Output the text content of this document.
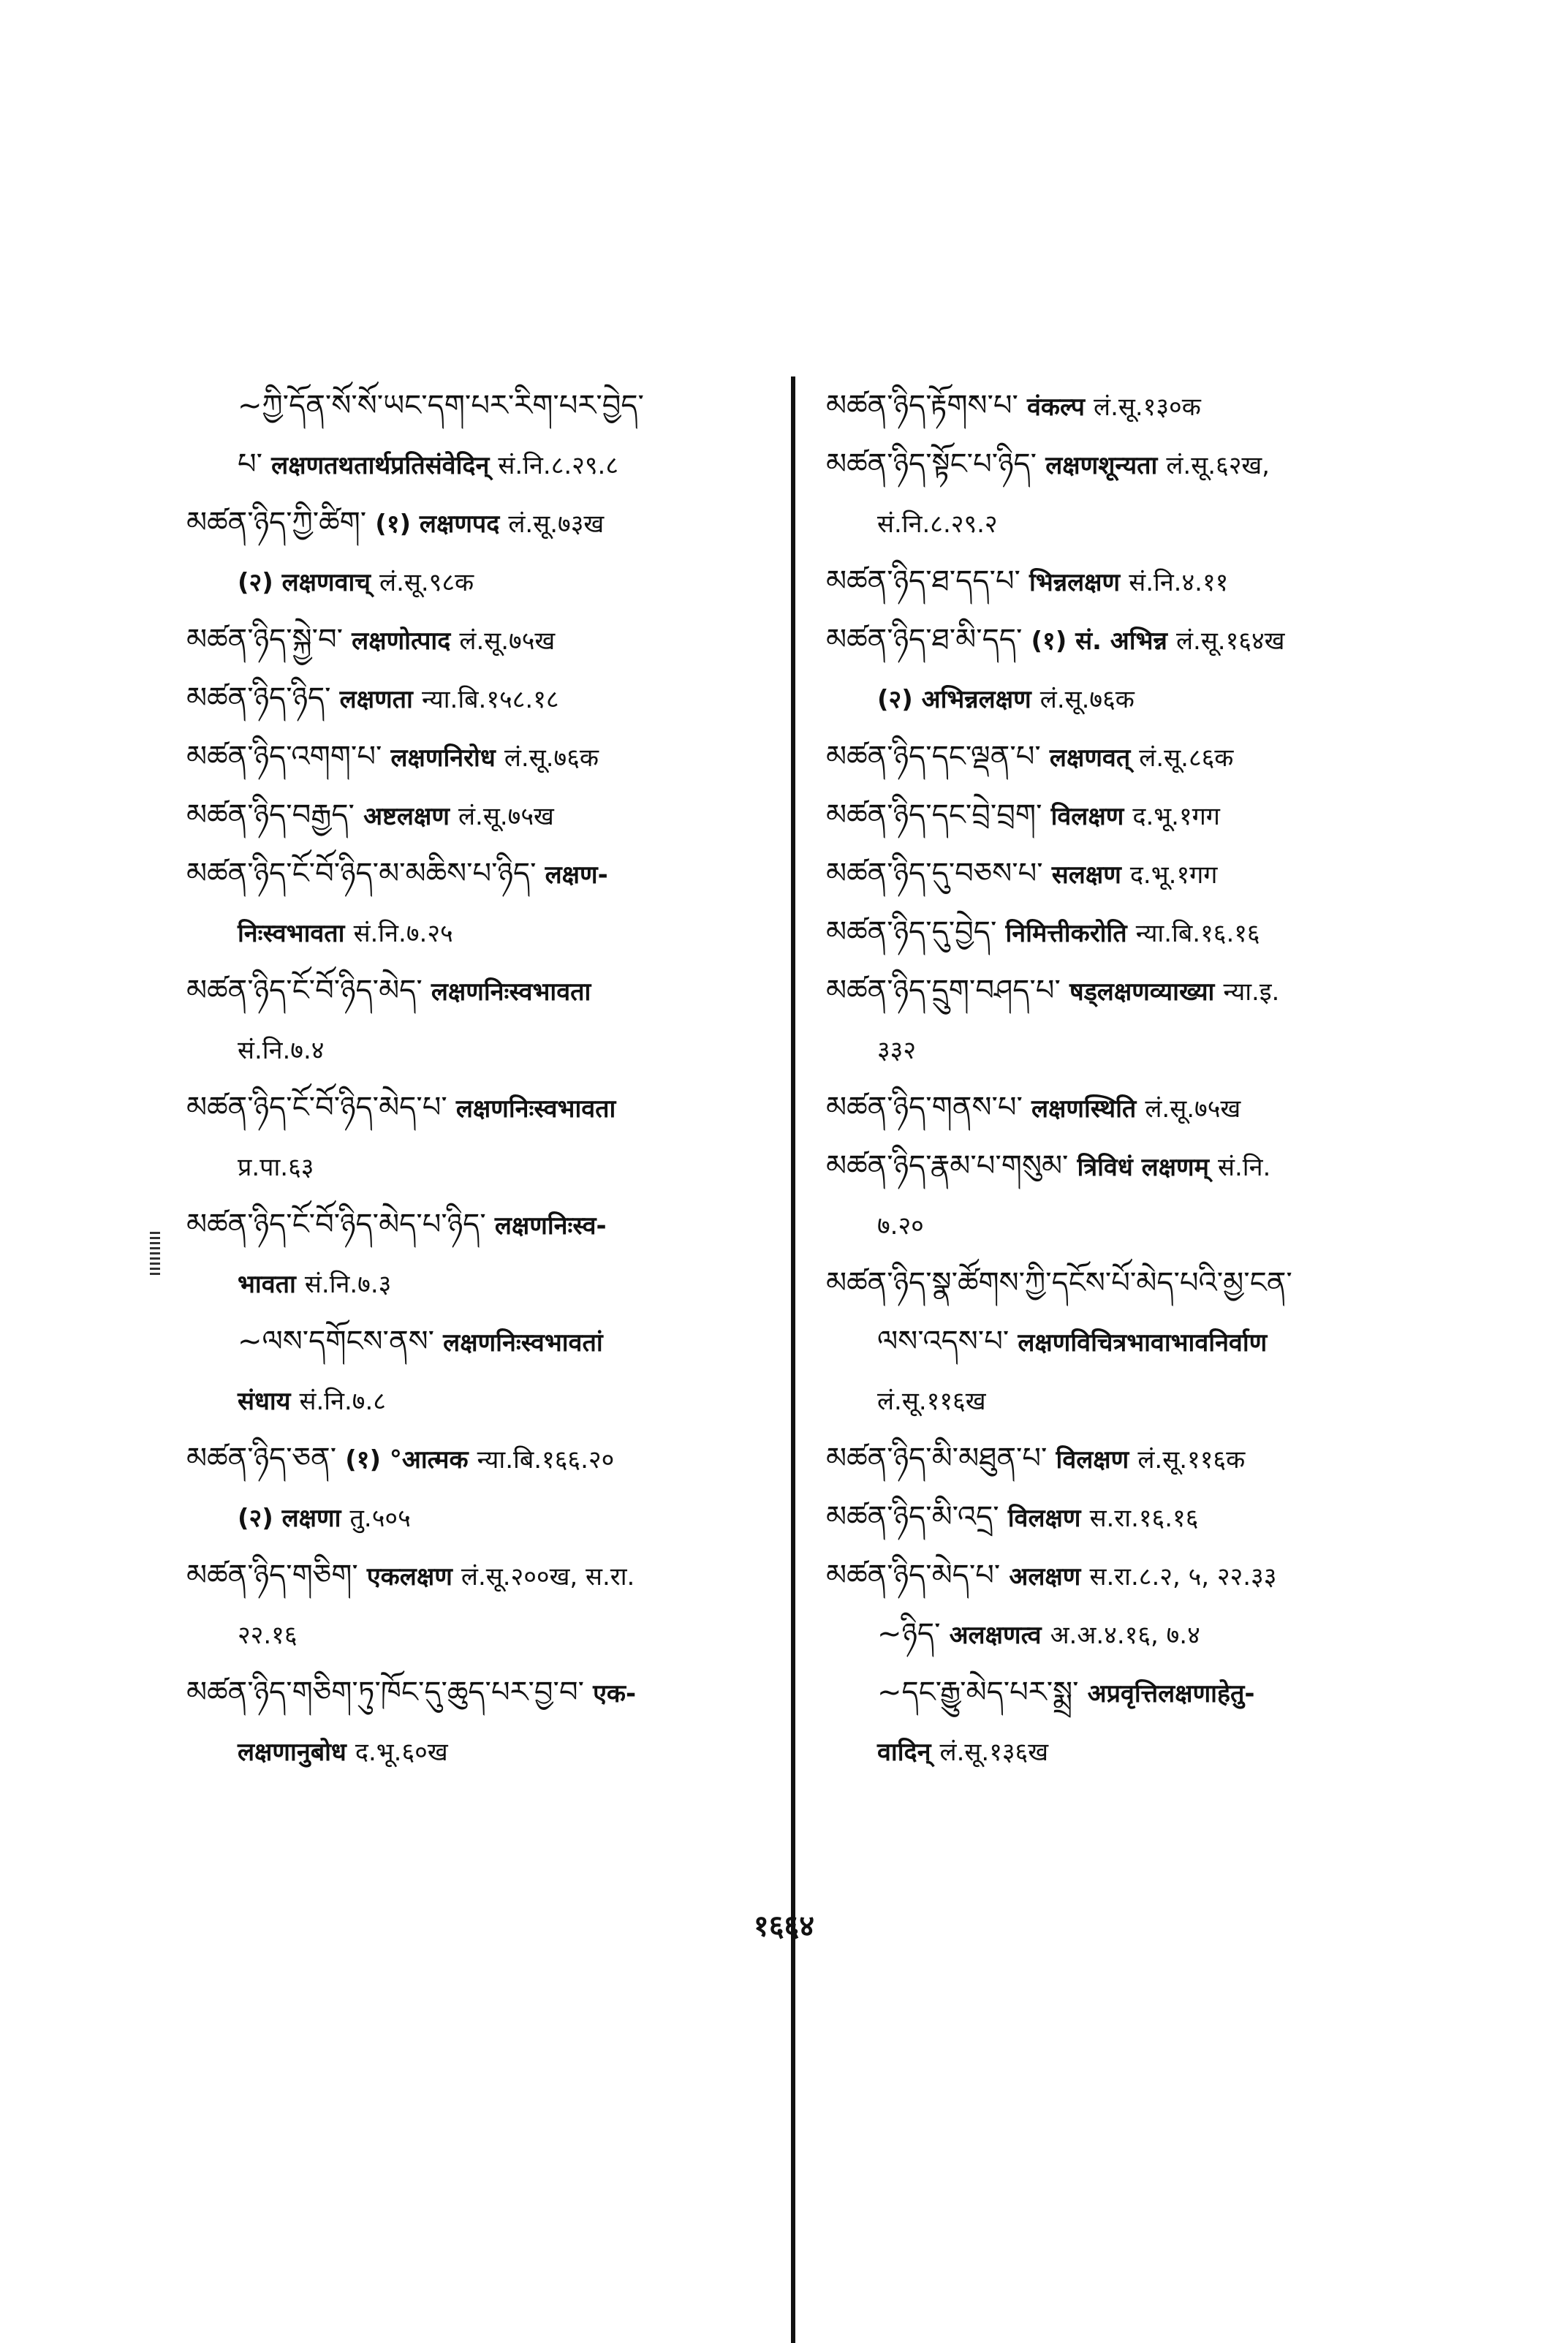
~ཀྱི་དོན་སོ་སོ་ཡང་དག་པར་རིག་པར་བྱེད་
པ་ लक्षणतथतार्थप्रतिसंवेदिन् सं.नि.८.२९.८
མཚན་ཉིད་ཀྱི་ཚིག་ (१) लक्षणपद लं.सू.७३ख
(२) लक्षणवाच् लं.सू.९८क
མཚན་ཉིད་སྐྱེ་བ་ लक्षणोत्पाद लं.सू.७५ख
མཚན་ཉིད་ཉིད་ लक्षणता न्या.बि.१५८.१८
མཚན་ཉིད་འགག་པ་ लक्षणनिरोध लं.सू.७६क
མཚན་ཉིད་བརྒྱད་ अष्टलक्षण लं.सू.७५ख
མཚན་ཉིད་ངོ་བོ་ཉིད་མ་མཆིས་པ་ཉིད་ लक्षण-
निःस्वभावता सं.नि.७.२५
མཚན་ཉིད་ངོ་བོ་ཉིད་མེད་ लक्षणनिःस्वभावता
सं.नि.७.४
མཚན་ཉིད་ངོ་བོ་ཉིད་མེད་པ་ लक्षणनिःस्वभावता
प्र.पा.६३
མཚན་ཉིད་ངོ་བོ་ཉིད་མེད་པ་ཉིད་ लक्षणनिःस्व-
भावता सं.नि.७.३
~ལས་དགོངས་ནས་ लक्षणनिःस्वभावतां
संधाय सं.नि.७.८
མཚན་ཉིད་ཅན་ (१) °आत्मक न्या.बि.१६६.२०
(२) लक्षणा तु.५०५
མཚན་ཉིད་གཅིག་ एकलक्षण लं.सू.२००ख, स.रा.
२२.१६
མཚན་ཉིད་གཅིག་ཏུ་ཁོང་དུ་ཆུད་པར་བྱ་བ་ एक-
लक्षणानुबोध द.भू.६०ख
མཚན་ཉིད་རྟོགས་པ་ वंकल्प लं.सू.१३०क
མཚན་ཉིད་སྟོང་པ་ཉིད་ लक्षणशून्यता लं.सू.६२ख,
सं.नि.८.२९.२
མཚན་ཉིད་ཐ་དད་པ་ भिन्नलक्षण सं.नि.४.११
མཚན་ཉིད་ཐ་མི་དད་ (१) सं. अभिन्न लं.सू.१६४ख
(२) अभिन्नलक्षण लं.सू.७६क
མཚན་ཉིད་དང་ལྡན་པ་ लक्षणवत् लं.सू.८६क
མཚན་ཉིད་དང་བྲེ་བྲག་ विलक्षण द.भू.१गग
མཚན་ཉིད་དུ་བཅས་པ་ सलक्षण द.भू.१गग
མཚན་ཉིད་དུ་བྱེད་ निमित्तीकरोति न्या.बि.१६.१६
མཚན་ཉིད་དྲུག་བཤད་པ་ षड्लक्षणव्याख्या न्या.इ.
३३२
མཚན་ཉིད་གནས་པ་ लक्षणस्थिति लं.सू.७५ख
མཚན་ཉིད་རྣམ་པ་གསུམ་ त्रिविधं लक्षणम् सं.नि.
७.२०
མཚན་ཉིད་སྣ་ཚོགས་ཀྱི་དངོས་པོ་མེད་པའི་མྱ་ངན་
ལས་འདས་པ་ लक्षणविचित्रभावाभावनिर्वाण
लं.सू.११६ख
མཚན་ཉིད་མི་མཐུན་པ་ विलक्षण लं.सू.११६क
མཚན་ཉིད་མི་འདྲ་ विलक्षण स.रा.१६.१६
མཚན་ཉིད་མེད་པ་ अलक्षण स.रा.८.२, ५, २२.३३
~ཉིད་ अलक्षणत्व अ.अ.४.१६, ७.४
~དང་རྒྱུ་མེད་པར་སྨྲ་ अप्रवृत्तिलक्षणाहेतु-
वादिन् लं.सू.१३६ख
१६६४
